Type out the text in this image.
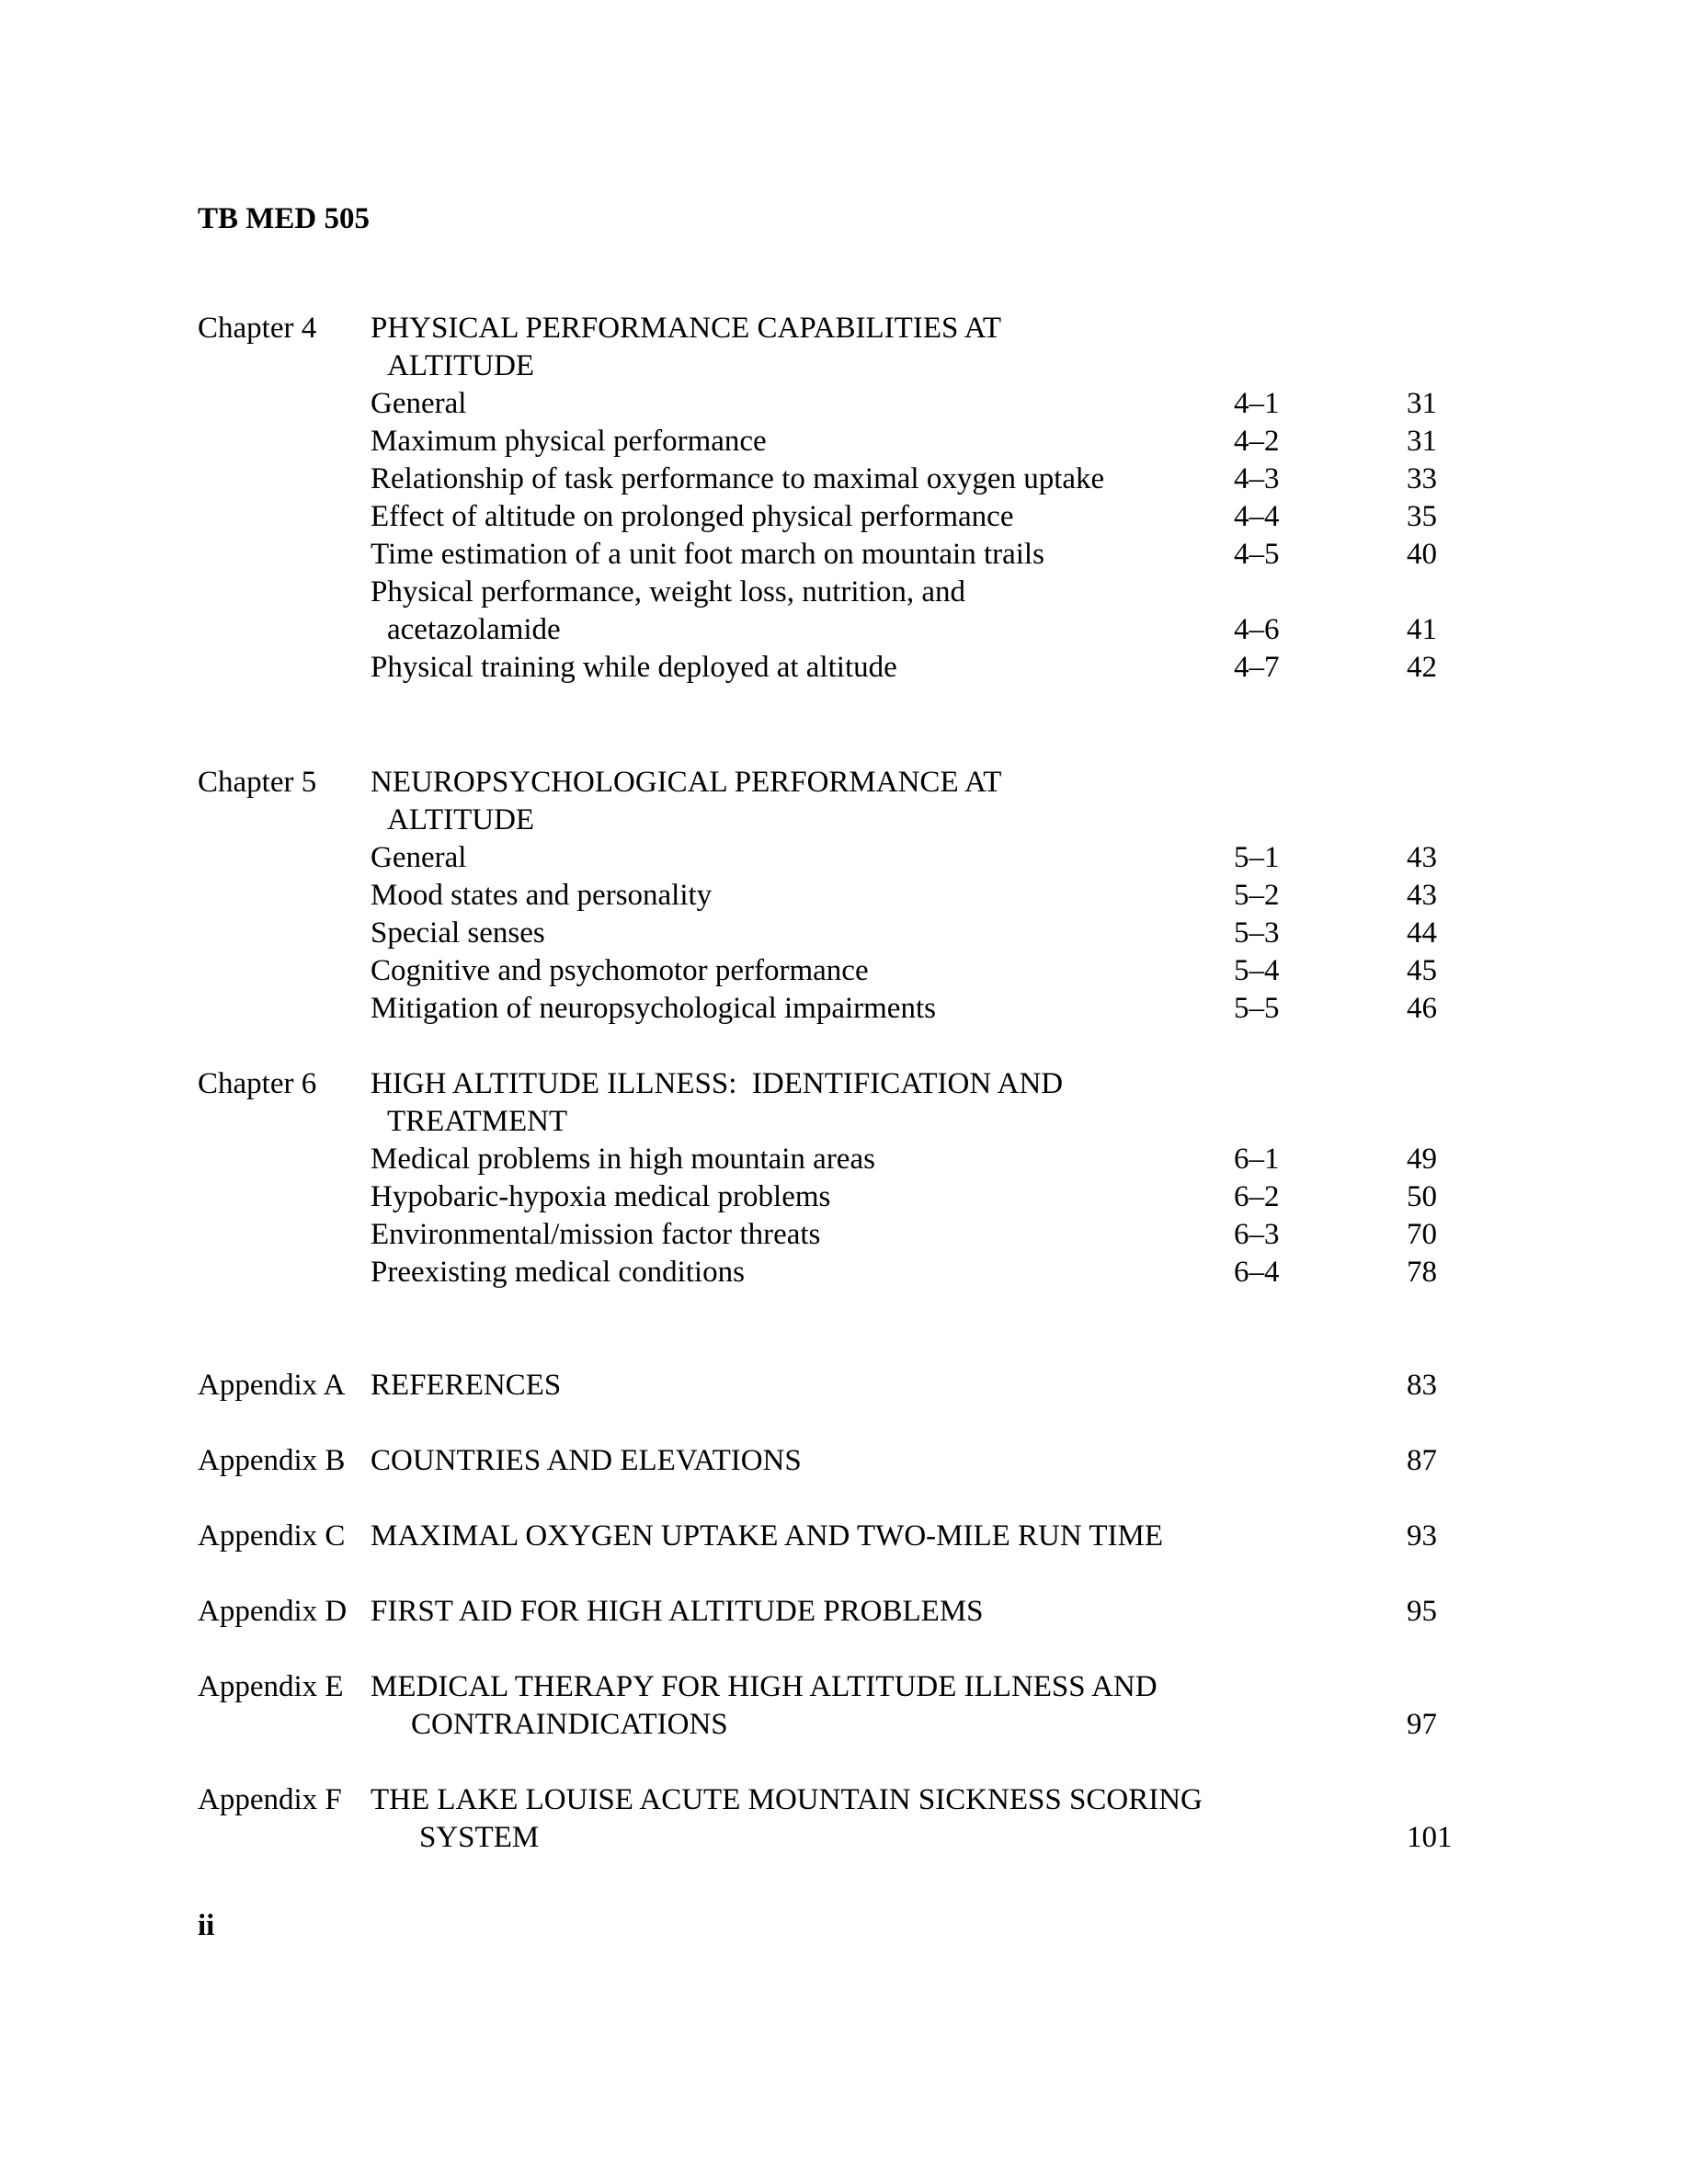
TB MED 505

Chapter 4 PHYSICAL PERFORMANCE CAPABILITIES AT
ALTITUDE
General	4–1	31
Maximum physical performance	4–2	31
Relationship of task performance to maximal oxygen uptake	4–3	33
Effect of altitude on prolonged physical performance	4–4	35
Time estimation of a unit foot march on mountain trails	4–5	40
Physical performance, weight loss, nutrition, and
acetazolamide	4–6	41
Physical training while deployed at altitude	4–7	42
Chapter 5 NEUROPSYCHOLOGICAL PERFORMANCE AT
ALTITUDE
General	5–1	43
Mood states and personality	5–2	43
Special senses	5–3	44
Cognitive and psychomotor performance	5–4	45
Mitigation of neuropsychological impairments	5–5	46
Chapter 6 HIGH ALTITUDE ILLNESS:  IDENTIFICATION AND
TREATMENT
Medical problems in high mountain areas	6–1	49
Hypobaric-hypoxia medical problems	6–2	50
Environmental/mission factor threats	6–3	70
Preexisting medical conditions	6–4	78
Appendix A REFERENCES	83
Appendix B COUNTRIES AND ELEVATIONS	87
Appendix C MAXIMAL OXYGEN UPTAKE AND TWO-MILE RUN TIME	93
Appendix D FIRST AID FOR HIGH ALTITUDE PROBLEMS	95
Appendix E MEDICAL THERAPY FOR HIGH ALTITUDE ILLNESS AND
CONTRAINDICATIONS	97
Appendix F THE LAKE LOUISE ACUTE MOUNTAIN SICKNESS SCORING
SYSTEM	101

ii
